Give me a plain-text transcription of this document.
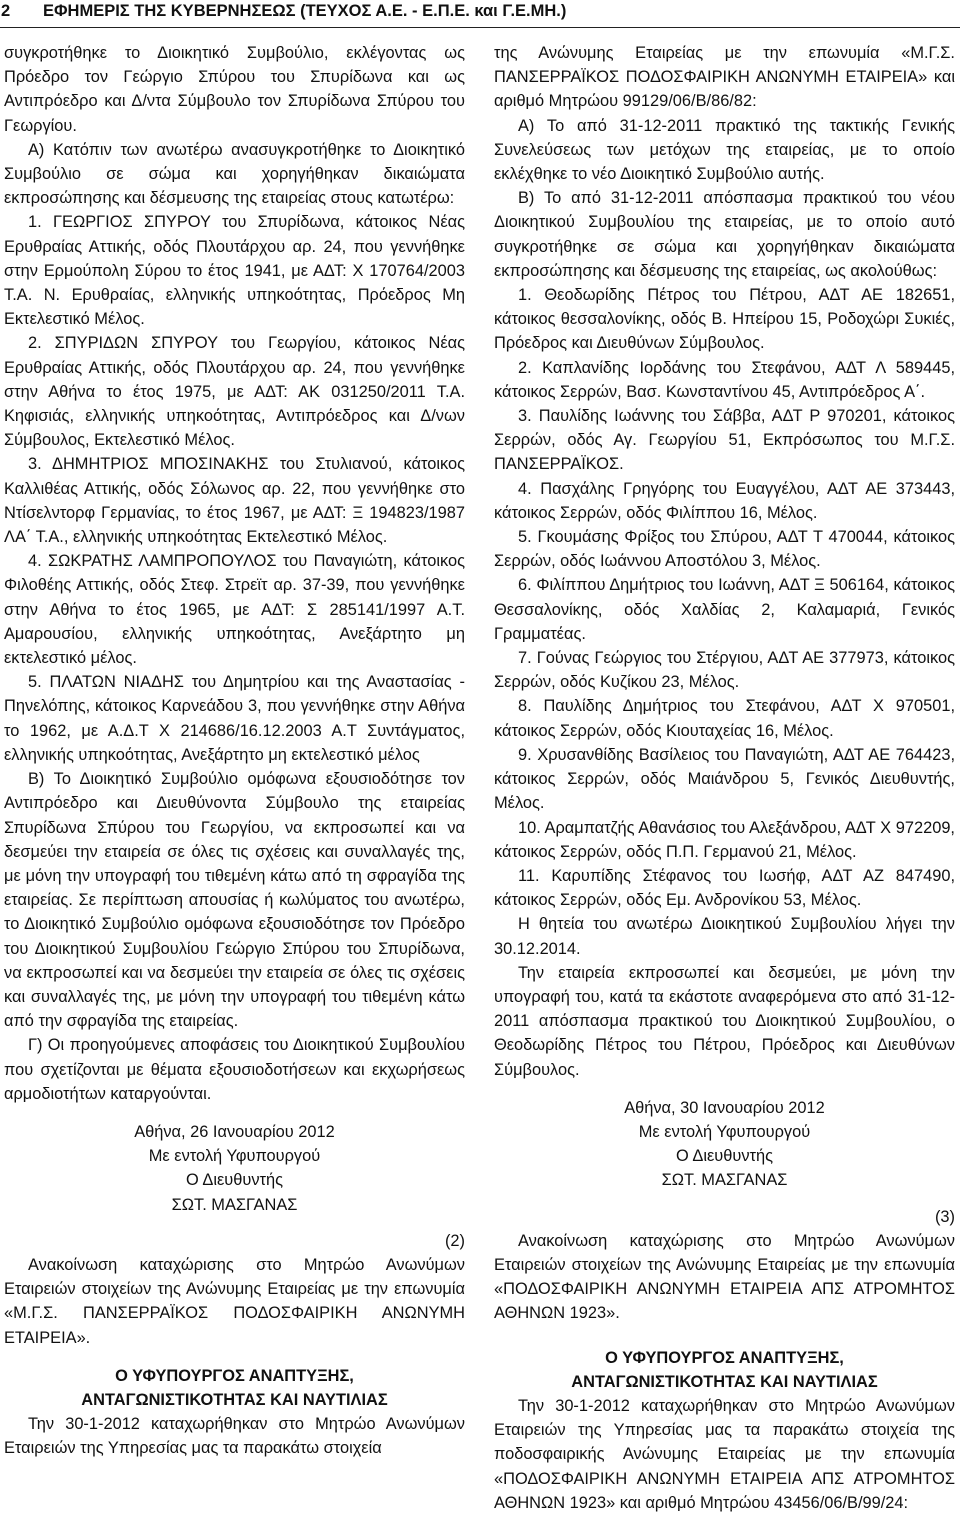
2 ΕΦΗΜΕΡΙΣ ΤΗΣ ΚΥΒΕΡΝΗΣΕΩΣ (ΤΕΥΧΟΣ Α.Ε. - Ε.Π.Ε. και Γ.Ε.ΜΗ.)

συγκροτήθηκε το Διοικητικό Συμβούλιο, εκλέγοντας ως Πρόεδρο τον Γεώργιο Σπύρου του Σπυρίδωνα και ως Αντιπρόεδρο και Δ/ντα Σύμβουλο τον Σπυρίδωνα Σπύρου του Γεωργίου.

Α) Κατόπιν των ανωτέρω ανασυγκροτήθηκε το Διοικητικό Συμβούλιο σε σώμα και χορηγήθηκαν δικαιώματα εκπροσώπησης και δέσμευσης της εταιρείας στους κατωτέρω:

1. ΓΕΩΡΓΙΟΣ ΣΠΥΡΟΥ του Σπυρίδωνα, κάτοικος Νέας Ερυθραίας Αττικής, οδός Πλουτάρχου αρ. 24, που γεννήθηκε στην Ερμούπολη Σύρου το έτος 1941, με ΑΔΤ: Χ 170764/2003 Τ.Α. Ν. Ερυθραίας, ελληνικής υπηκοότητας, Πρόεδρος Μη Εκτελεστικό Μέλος.

2. ΣΠΥΡΙΔΩΝ ΣΠΥΡΟΥ του Γεωργίου, κάτοικος Νέας Ερυθραίας Αττικής, οδός Πλουτάρχου αρ. 24, που γεννήθηκε στην Αθήνα το έτος 1975, με ΑΔΤ: ΑΚ 031250/2011 Τ.Α. Κηφισιάς, ελληνικής υπηκοότητας, Αντιπρόεδρος και Δ/νων Σύμβουλος, Εκτελεστικό Μέλος.

3. ΔΗΜΗΤΡΙΟΣ ΜΠΟΣΙΝΑΚΗΣ του Στυλιανού, κάτοικος Καλλιθέας Αττικής, οδός Σόλωνος αρ. 22, που γεννήθηκε στο Ντίσελντορφ Γερμανίας, το έτος 1967, με ΑΔΤ: Ξ 194823/1987 ΛΑ΄ Τ.Α., ελληνικής υπηκοότητας Εκτελεστικό Μέλος.

4. ΣΩΚΡΑΤΗΣ ΛΑΜΠΡΟΠΟΥΛΟΣ του Παναγιώτη, κάτοικος Φιλοθέης Αττικής, οδός Στεφ. Στρεϊτ αρ. 37-39, που γεννήθηκε στην Αθήνα το έτος 1965, με ΑΔΤ: Σ 285141/1997 Α.Τ. Αμαρουσίου, ελληνικής υπηκοότητας, Ανεξάρτητο μη εκτελεστικό μέλος.

5. ΠΛΑΤΩΝ ΝΙΑΔΗΣ του Δημητρίου και της Αναστασίας - Πηνελόπης, κάτοικος Καρνεάδου 3, που γεννήθηκε στην Αθήνα το 1962, με Α.Δ.Τ Χ 214686/16.12.2003 Α.Τ Συντάγματος, ελληνικής υπηκοότητας, Ανεξάρτητο μη εκτελεστικό μέλος

Β) Το Διοικητικό Συμβούλιο ομόφωνα εξουσιοδότησε τον Αντιπρόεδρο και Διευθύνοντα Σύμβουλο της εταιρείας Σπυρίδωνα Σπύρου του Γεωργίου, να εκπροσωπεί και να δεσμεύει την εταιρεία σε όλες τις σχέσεις και συναλλαγές της, με μόνη την υπογραφή του τιθεμένη κάτω από τη σφραγίδα της εταιρείας. Σε περίπτωση απουσίας ή κωλύματος του ανωτέρω, το Διοικητικό Συμβούλιο ομόφωνα εξουσιοδότησε τον Πρόεδρο του Διοικητικού Συμβουλίου Γεώργιο Σπύρου του Σπυρίδωνα, να εκπροσωπεί και να δεσμεύει την εταιρεία σε όλες τις σχέσεις και συναλλαγές της, με μόνη την υπογραφή του τιθεμένη κάτω από την σφραγίδα της εταιρείας.

Γ) Οι προηγούμενες αποφάσεις του Διοικητικού Συμβουλίου που σχετίζονται με θέματα εξουσιοδοτήσεων και εκχωρήσεως αρμοδιοτήτων καταργούνται.

Αθήνα, 26 Ιανουαρίου 2012

Με εντολή Υφυπουργού

Ο Διευθυντής

ΣΩΤ. ΜΑΣΓΑΝΑΣ

(2)

Ανακοίνωση καταχώρισης στο Μητρώο Ανωνύμων Εταιρειών στοιχείων της Ανώνυμης Εταιρείας με την επωνυμία «Μ.Γ.Σ. ΠΑΝΣΕΡΡΑΪΚΟΣ ΠΟΔΟΣΦΑΙΡΙΚΗ ΑΝΩΝΥΜΗ ΕΤΑΙΡΕΙΑ».

Ο ΥΦΥΠΟΥΡΓΟΣ ΑΝΑΠΤΥΞΗΣ,

ΑΝΤΑΓΩΝΙΣΤΙΚΟΤΗΤΑΣ ΚΑΙ ΝΑΥΤΙΛΙΑΣ

Την 30-1-2012 καταχωρήθηκαν στο Μητρώο Ανωνύμων Εταιρειών της Υπηρεσίας μας τα παρακάτω στοιχεία

της Ανώνυμης Εταιρείας με την επωνυμία «Μ.Γ.Σ. ΠΑΝΣΕΡΡΑΪΚΟΣ ΠΟΔΟΣΦΑΙΡΙΚΗ ΑΝΩΝΥΜΗ ΕΤΑΙΡΕΙΑ» και αριθμό Μητρώου 99129/06/Β/86/82:

Α) Το από 31-12-2011 πρακτικό της τακτικής Γενικής Συνελεύσεως των μετόχων της εταιρείας, με το οποίο εκλέχθηκε το νέο Διοικητικό Συμβούλιο αυτής.

Β) Το από 31-12-2011 απόσπασμα πρακτικού του νέου Διοικητικού Συμβουλίου της εταιρείας, με το οποίο αυτό συγκροτήθηκε σε σώμα και χορηγήθηκαν δικαιώματα εκπροσώπησης και δέσμευσης της εταιρείας, ως ακολούθως:

1. Θεοδωρίδης Πέτρος του Πέτρου, ΑΔΤ ΑΕ 182651, κάτοικος θεσσαλονίκης, οδός Β. Ηπείρου 15, Ροδοχώρι Συκιές, Πρόεδρος και Διευθύνων Σύμβουλος.

2. Καπλανίδης Ιορδάνης του Στεφάνου, ΑΔΤ Λ 589445, κάτοικος Σερρών, Βασ. Κωνσταντίνου 45, Αντιπρόεδρος Α΄.

3. Παυλίδης Ιωάννης του Σάββα, ΑΔΤ Ρ 970201, κάτοικος Σερρών, οδός Αγ. Γεωργίου 51, Εκπρόσωπος του Μ.Γ.Σ. ΠΑΝΣΕΡΡΑΪΚΟΣ.

4. Πασχάλης Γρηγόρης του Ευαγγέλου, ΑΔΤ ΑΕ 373443, κάτοικος Σερρών, οδός Φιλίππου 16, Μέλος.

5. Γκουμάσης Φρίξος του Σπύρου, ΑΔΤ Τ 470044, κάτοικος Σερρών, οδός Ιωάννου Αποστόλου 3, Μέλος.

6. Φιλίππου Δημήτριος του Ιωάννη, ΑΔΤ Ξ 506164, κάτοικος Θεσσαλονίκης, οδός Χαλδίας 2, Καλαμαριά, Γενικός Γραμματέας.

7. Γούνας Γεώργιος του Στέργιου, ΑΔΤ ΑΕ 377973, κάτοικος Σερρών, οδός Κυζίκου 23, Μέλος.

8. Παυλίδης Δημήτριος του Στεφάνου, ΑΔΤ Χ 970501, κάτοικος Σερρών, οδός Κιουταχείας 16, Μέλος.

9. Χρυσανθίδης Βασίλειος του Παναγιώτη, ΑΔΤ ΑΕ 764423, κάτοικος Σερρών, οδός Μαιάνδρου 5, Γενικός Διευθυντής, Μέλος.

10. Αραμπατζής Αθανάσιος του Αλεξάνδρου, ΑΔΤ Χ 972209, κάτοικος Σερρών, οδός Π.Π. Γερμανού 21, Μέλος.

11. Καρυπίδης Στέφανος του Ιωσήφ, ΑΔΤ ΑΖ 847490, κάτοικος Σερρών, οδός Εμ. Ανδρονίκου 53, Μέλος.

Η θητεία του ανωτέρω Διοικητικού Συμβουλίου λήγει την 30.12.2014.

Την εταιρεία εκπροσωπεί και δεσμεύει, με μόνη την υπογραφή του, κατά τα εκάστοτε αναφερόμενα στο από 31-12-2011 απόσπασμα πρακτικού του Διοικητικού Συμβουλίου, ο Θεοδωρίδης Πέτρος του Πέτρου, Πρόεδρος και Διευθύνων Σύμβουλος.

Αθήνα, 30 Ιανουαρίου 2012

Με εντολή Υφυπουργού

Ο Διευθυντής

ΣΩΤ. ΜΑΣΓΑΝΑΣ

(3)

Ανακοίνωση καταχώρισης στο Μητρώο Ανωνύμων Εταιρειών στοιχείων της Ανώνυμης Εταιρείας με την επωνυμία «ΠΟΔΟΣΦΑΙΡΙΚΗ ΑΝΩΝΥΜΗ ΕΤΑΙΡΕΙΑ ΑΠΣ ΑΤΡΟΜΗΤΟΣ ΑΘΗΝΩΝ 1923».

Ο ΥΦΥΠΟΥΡΓΟΣ ΑΝΑΠΤΥΞΗΣ,

ΑΝΤΑΓΩΝΙΣΤΙΚΟΤΗΤΑΣ ΚΑΙ ΝΑΥΤΙΛΙΑΣ

Την 30-1-2012 καταχωρήθηκαν στο Μητρώο Ανωνύμων Εταιρειών της Υπηρεσίας μας τα παρακάτω στοιχεία της ποδοσφαιρικής Ανώνυμης Εταιρείας με την επωνυμία «ΠΟΔΟΣΦΑΙΡΙΚΗ ΑΝΩΝΥΜΗ ΕΤΑΙΡΕΙΑ ΑΠΣ ΑΤΡΟΜΗΤΟΣ ΑΘΗΝΩΝ 1923» και αριθμό Μητρώου 43456/06/Β/99/24:
